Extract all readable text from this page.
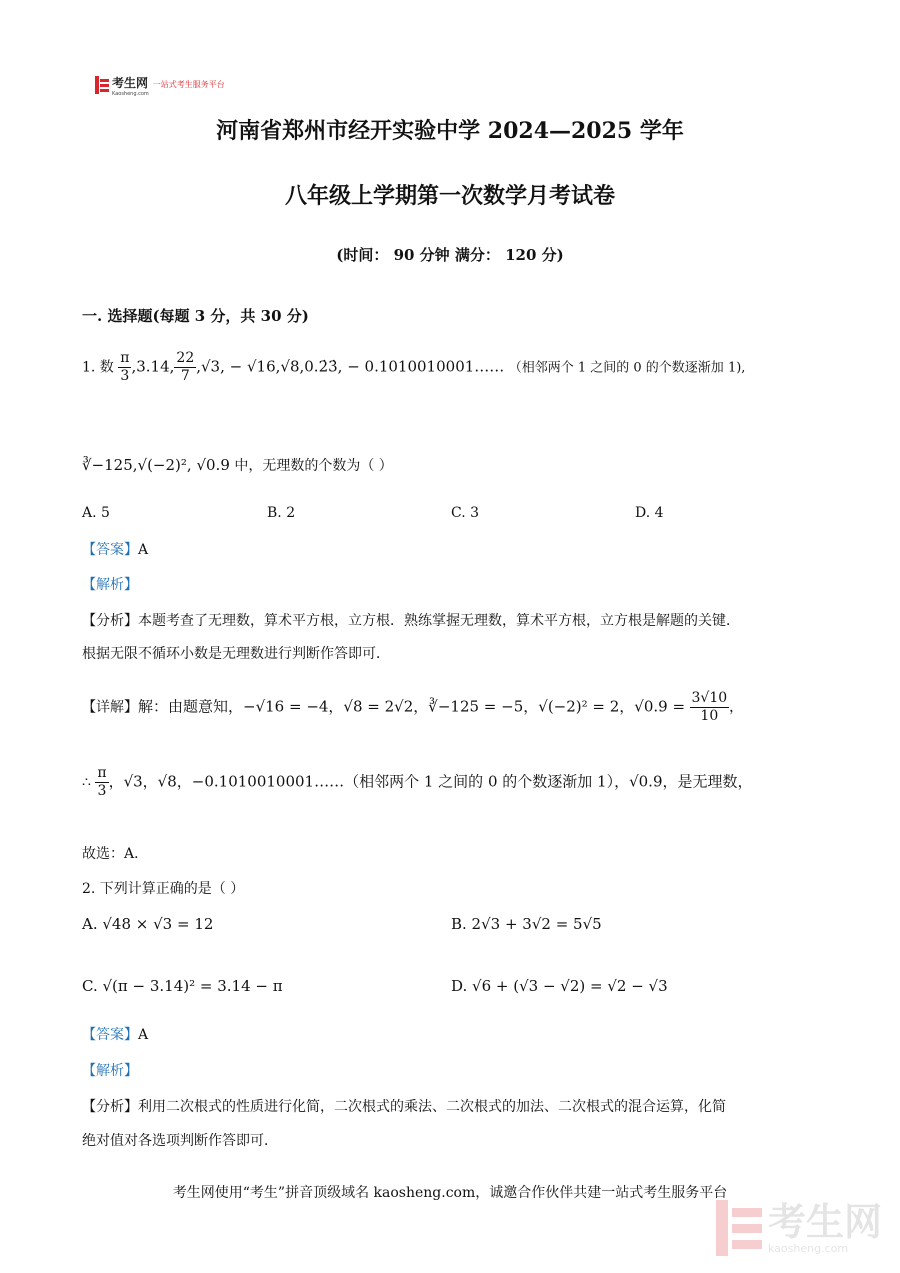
考生网
Kaosheng.com
一站式考生服务平台
河南省郑州市经开实验中学 2024—2025 学年
八年级上学期第一次数学月考试卷
(时间： 90 分钟 满分： 120 分)
一. 选择题(每题 3 分，共 30 分)
1. 数 $\frac{\pi}{3} ,3.14$, $\frac{22}{7} ,√3$, − √16,√8,0.2̇3̇, − 0.1010010001…… （相邻两个 1 之间的 0 的个数逐渐加 1),
∛−125,√(−2)², √0.9 中，无理数的个数为（ ）
A. 5	B. 2	C. 3	D. 4
【答案】A
【解析】
【分析】本题考查了无理数，算术平方根，立方根．熟练掌握无理数，算术平方根，立方根是解题的关键．
根据无限不循环小数是无理数进行判断作答即可．
【详解】解：由题意知，−√16 = −4，√8 = 2√2，∛−125 = −5，√(−2)² = 2，$√0.9 = \frac{3√10}{10}$ ，
∴ $\frac{\pi}{3}$ ，√3，√8，−0.1010010001……（相邻两个 1 之间的 0 的个数逐渐加 1），√0.9，是无理数，
故选：A．
2. 下列计算正确的是（ ）
A. √48 × √3 = 12	B. 2√3 + 3√2 = 5√5
C. √(π − 3.14)² = 3.14 − π	D. √6 + (√3 − √2) = √2 − √3
【答案】A
【解析】
【分析】利用二次根式的性质进行化简，二次根式的乘法、二次根式的加法、二次根式的混合运算，化简
绝对值对各选项判断作答即可．
考生网使用“考生”拼音顶级域名 kaosheng.com，诚邀合作伙伴共建一站式考生服务平台
考生网
kaosheng.com
